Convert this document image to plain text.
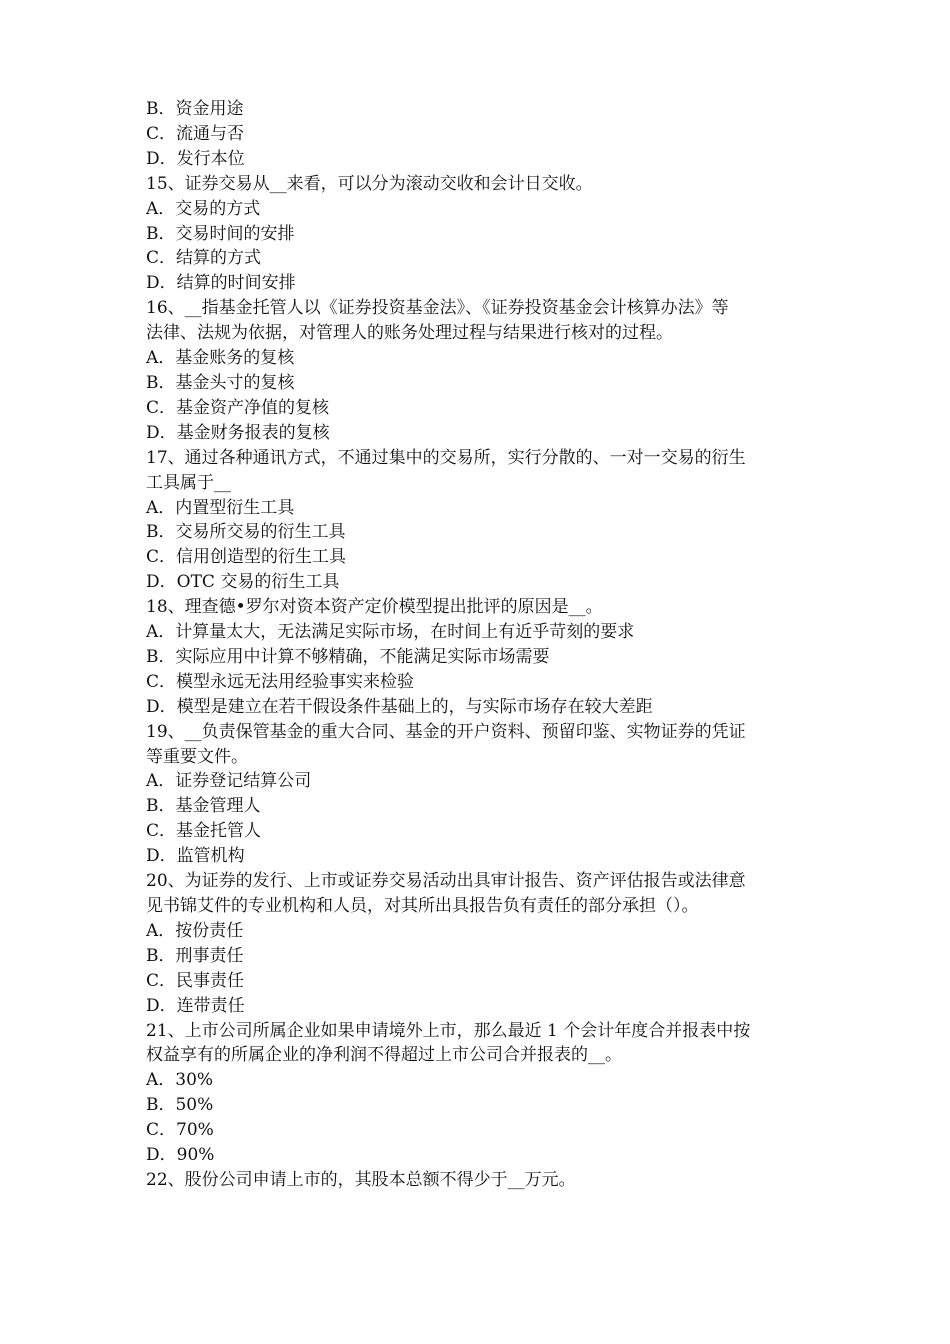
B．资金用途

C．流通与否

D．发行本位

15、证券交易从__来看，可以分为滚动交收和会计日交收。

A．交易的方式

B．交易时间的安排

C．结算的方式

D．结算的时间安排

16、__指基金托管人以《证券投资基金法》、《证券投资基金会计核算办法》等

法律、法规为依据，对管理人的账务处理过程与结果进行核对的过程。

A．基金账务的复核

B．基金头寸的复核

C．基金资产净值的复核

D．基金财务报表的复核

17、通过各种通讯方式，不通过集中的交易所，实行分散的、一对一交易的衍生

工具属于__

A．内置型衍生工具

B．交易所交易的衍生工具

C．信用创造型的衍生工具

D．OTC 交易的衍生工具

18、理查德•罗尔对资本资产定价模型提出批评的原因是__。

A．计算量太大，无法满足实际市场，在时间上有近乎苛刻的要求

B．实际应用中计算不够精确，不能满足实际市场需要

C．模型永远无法用经验事实来检验

D．模型是建立在若干假设条件基础上的，与实际市场存在较大差距

19、__负责保管基金的重大合同、基金的开户资料、预留印鉴、实物证券的凭证

等重要文件。

A．证券登记结算公司

B．基金管理人

C．基金托管人

D．监管机构

20、为证券的发行、上市或证券交易活动出具审计报告、资产评估报告或法律意

见书锦艾件的专业机构和人员，对其所出具报告负有责任的部分承担（）。

A．按份责任

B．刑事责任

C．民事责任

D．连带责任

21、上市公司所属企业如果申请境外上市，那么最近 1 个会计年度合并报表中按

权益享有的所属企业的净利润不得超过上市公司合并报表的__。

A．30%

B．50%

C．70%

D．90%

22、股份公司申请上市的，其股本总额不得少于__万元。
